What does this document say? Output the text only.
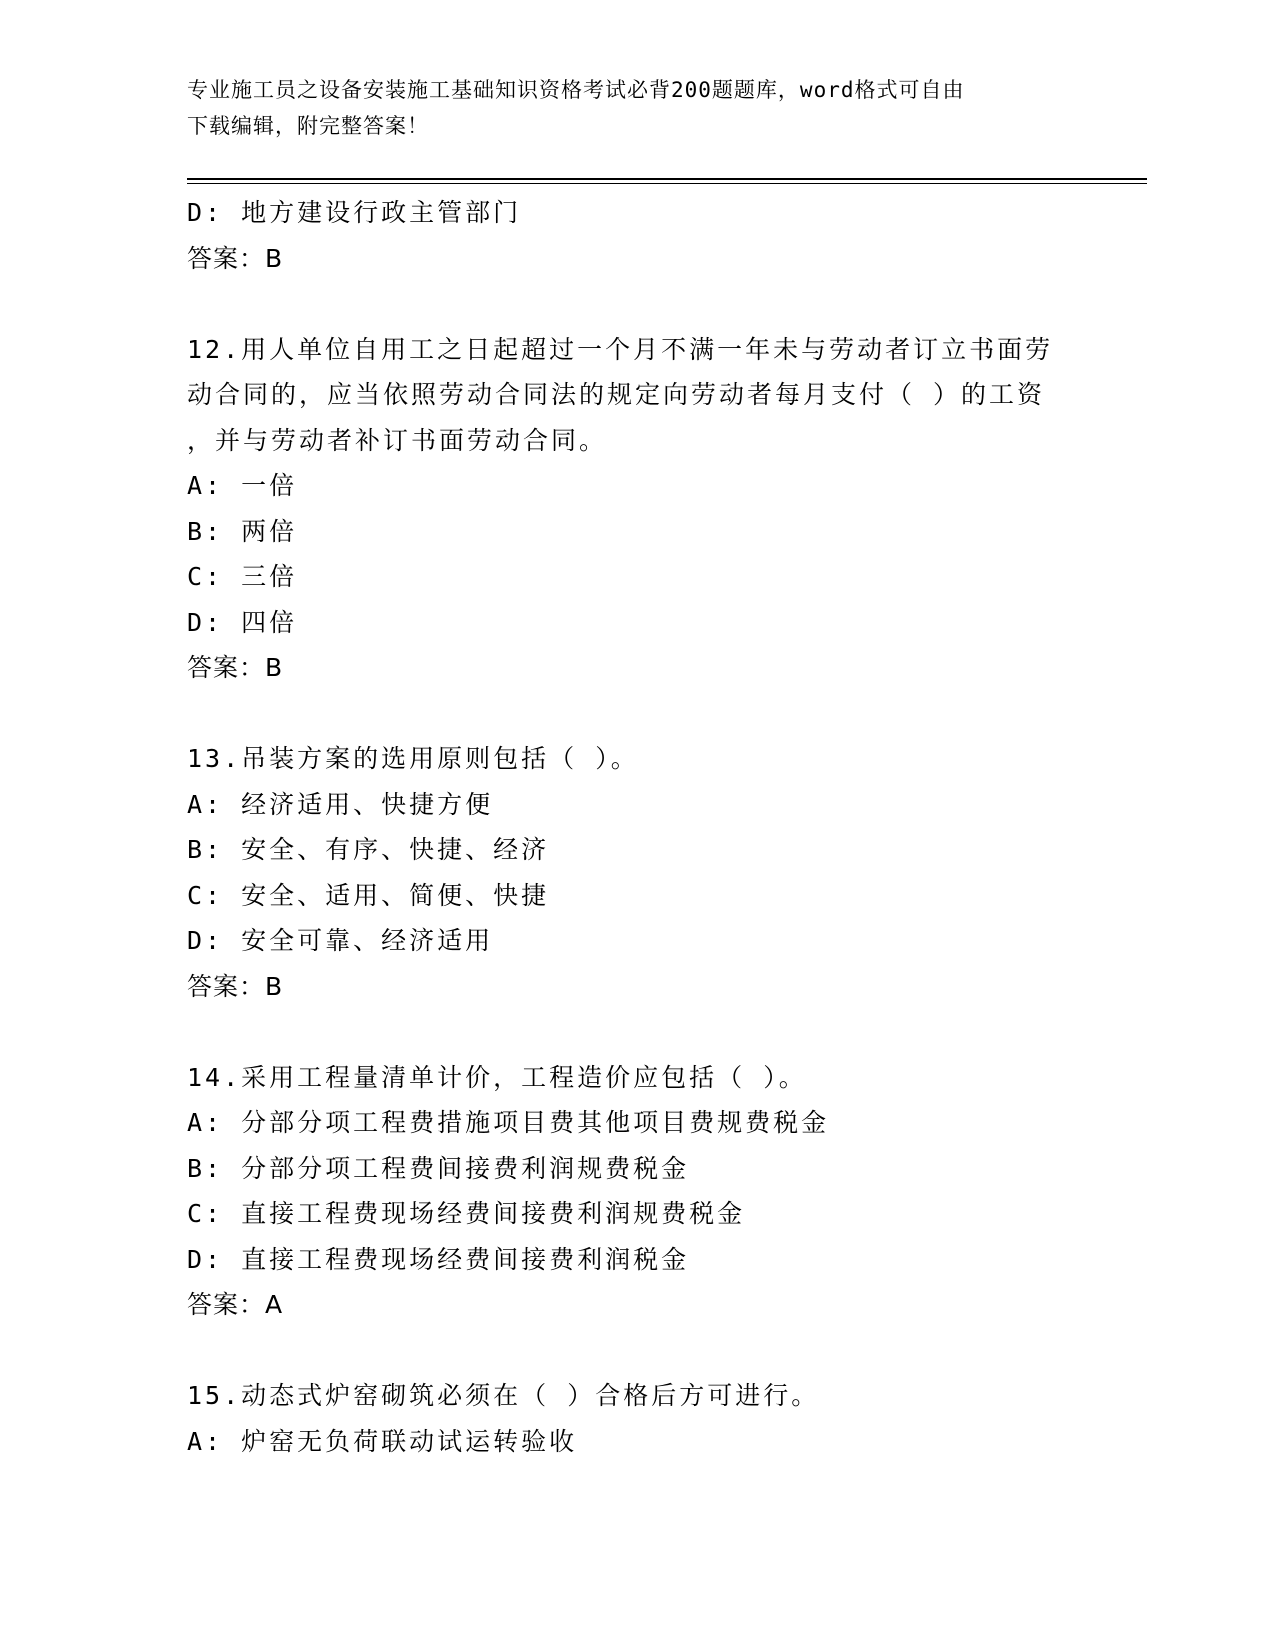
专业施工员之设备安装施工基础知识资格考试必背200题题库，word格式可自由
下载编辑，附完整答案！
D: 地方建设行政主管部门
答案：B
12.用人单位自用工之日起超过一个月不满一年未与劳动者订立书面劳
动合同的，应当依照劳动合同法的规定向劳动者每月支付（ ）的工资
，并与劳动者补订书面劳动合同。
A: 一倍
B: 两倍
C: 三倍
D: 四倍
答案：B
13.吊装方案的选用原则包括（ ）。
A: 经济适用、快捷方便
B: 安全、有序、快捷、经济
C: 安全、适用、简便、快捷
D: 安全可靠、经济适用
答案：B
14.采用工程量清单计价，工程造价应包括（ ）。
A: 分部分项工程费措施项目费其他项目费规费税金
B: 分部分项工程费间接费利润规费税金
C: 直接工程费现场经费间接费利润规费税金
D: 直接工程费现场经费间接费利润税金
答案：A
15.动态式炉窑砌筑必须在（ ）合格后方可进行。
A: 炉窑无负荷联动试运转验收
